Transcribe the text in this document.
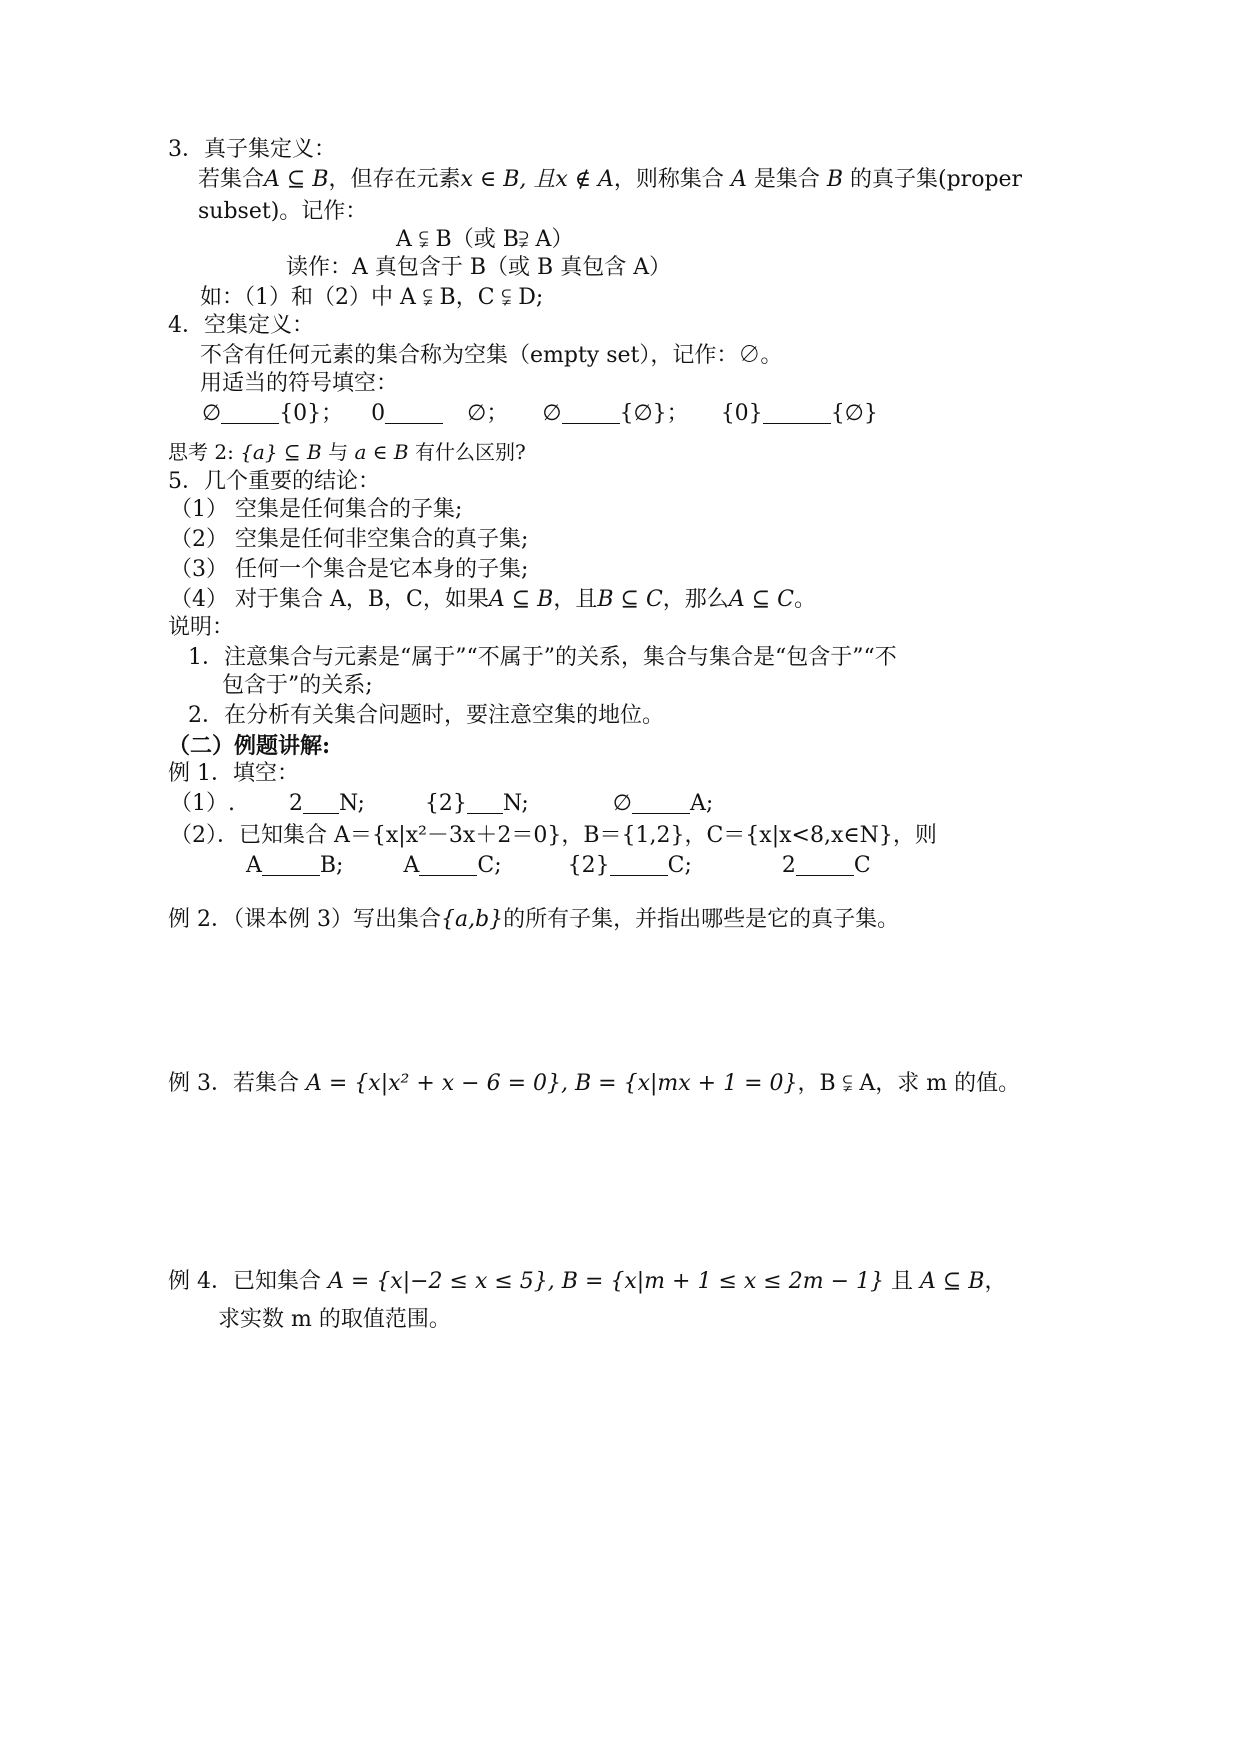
3．真子集定义：
若集合A ⊆ B，但存在元素x ∈ B, 且x ∉ A，则称集合 A 是集合 B 的真子集(proper
subset)。记作：
A ⫋ B（或 B⫌ A）
读作：A 真包含于 B（或 B 真包含 A）
如：（1）和（2）中 A ⫋ B，C ⫋ D;
4．空集定义：
不含有任何元素的集合称为空集（empty set），记作：∅。
用适当的符号填空：
∅	{0}； 0	∅； ∅	{∅}； {0}	{∅}
思考 2: {a} ⊆ B 与 a ∈ B 有什么区别?
5．几个重要的结论：
（1） 空集是任何集合的子集;
（2） 空集是任何非空集合的真子集;
（3） 任何一个集合是它本身的子集;
（4） 对于集合 A，B，C，如果A ⊆ B，且B ⊆ C，那么A ⊆ C。
说明：
1．注意集合与元素是“属于”“不属于”的关系，集合与集合是“包含于”“不
包含于”的关系;
2．在分析有关集合问题时，要注意空集的地位。
（二）例题讲解:
例 1．填空：
（1）. 2 N;	{2} N;	∅	A;
（2）．已知集合 A＝{x|x²－3x＋2＝0}，B＝{1,2}，C＝{x|x<8,x∈N}，则
A	B;	A	C;	{2}	C;	2	C
例 2．（课本例 3）写出集合{a,b}的所有子集，并指出哪些是它的真子集。
例 3．若集合 A = {x|x² + x − 6 = 0}, B = {x|mx + 1 = 0}，B ⫋ A，求 m 的值。
例 4．已知集合 A = {x|−2 ≤ x ≤ 5}, B = {x|m + 1 ≤ x ≤ 2m − 1} 且 A ⊆ B，
求实数 m 的取值范围。
